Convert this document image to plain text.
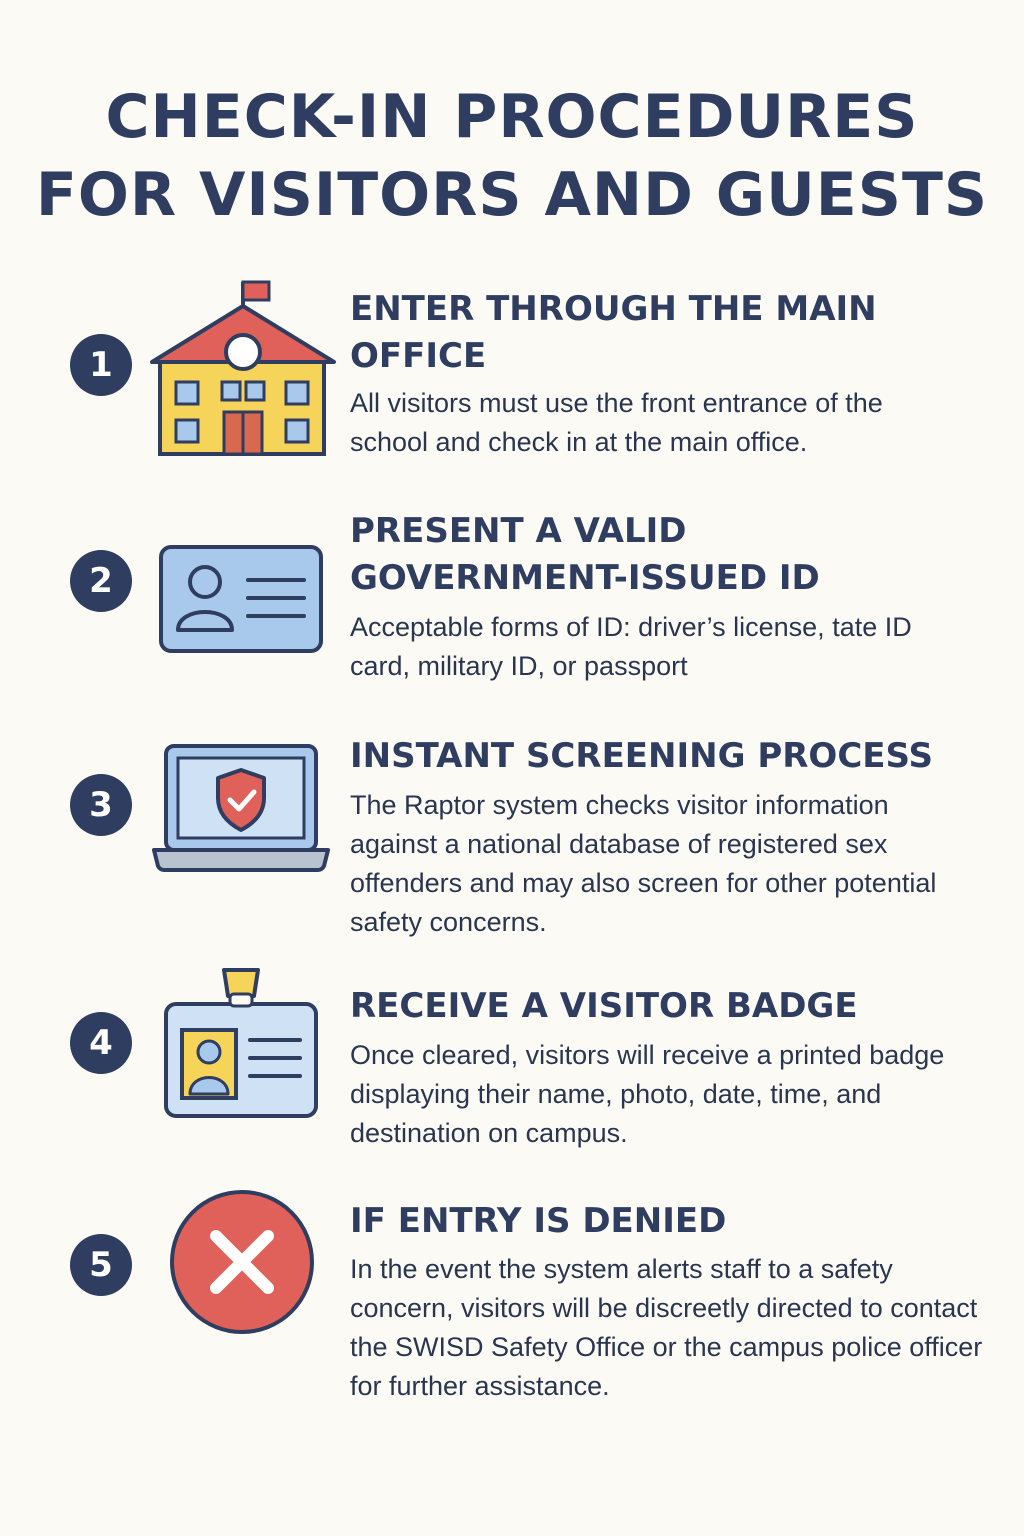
CHECK-IN PROCEDURES
FOR VISITORS AND GUESTS
1
ENTER THROUGH THE MAIN OFFICE

All visitors must use the front entrance of the school and check in at the main office.

2
PRESENT A VALID GOVERNMENT-ISSUED ID

Acceptable forms of ID: driver’s license, tate ID card, military ID, or passport

3
INSTANT SCREENING PROCESS

The Raptor system checks visitor information against a national database of registered sex offenders and may also screen for other potential safety concerns.

4
RECEIVE A VISITOR BADGE

Once cleared, visitors will receive a printed badge displaying their name, photo, date, time, and destination on campus.

5
IF ENTRY IS DENIED

In the event the system alerts staff to a safety concern, visitors will be discreetly directed to contact the SWISD Safety Office or the campus police officer for further assistance.
